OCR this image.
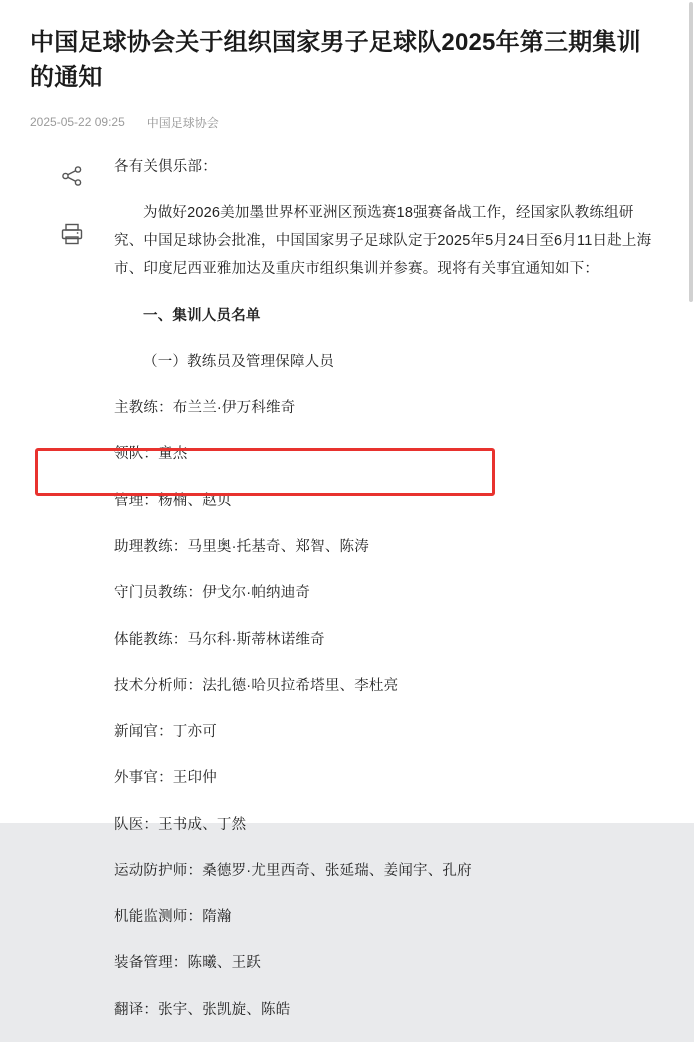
中国足球协会关于组织国家男子足球队2025年第三期集训的通知
2025-05-22 09:25 中国足球协会

各有关俱乐部：

为做好2026美加墨世界杯亚洲区预选赛18强赛备战工作，经国家队教练组研究、中国足球协会批准，中国国家男子足球队定于2025年5月24日至6月11日赴上海市、印度尼西亚雅加达及重庆市组织集训并参赛。现将有关事宜通知如下：

一、集训人员名单

（一）教练员及管理保障人员

主教练：布兰兰·伊万科维奇

领队：童杰

管理：杨楠、赵贝

助理教练：马里奥·托基奇、郑智、陈涛

守门员教练：伊戈尔·帕纳迪奇

体能教练：马尔科·斯蒂林诺维奇

技术分析师：法扎德·哈贝拉希塔里、李杜亮

新闻官：丁亦可

外事官：王印仲

队医：王书成、丁然

运动防护师：桑德罗·尤里西奇、张延瑞、姜闻宇、孔府

机能监测师：隋瀚

装备管理：陈曦、王跃

翻译：张宇、张凯旋、陈皓
